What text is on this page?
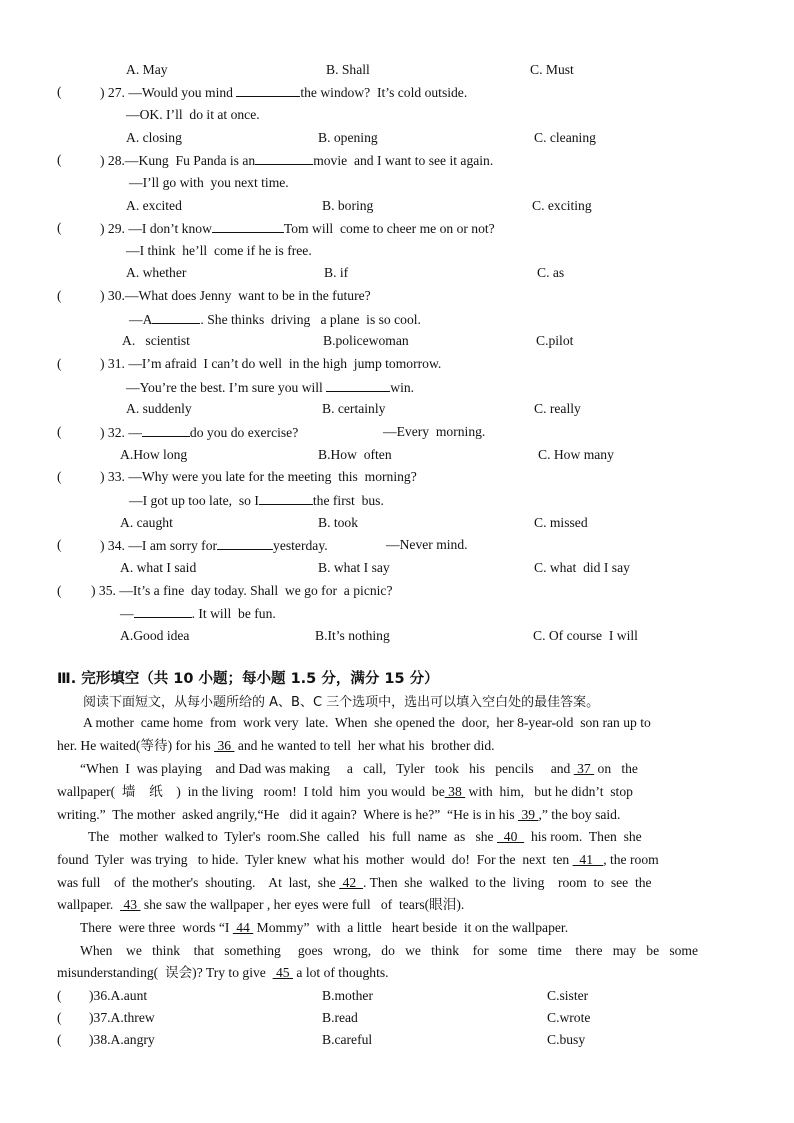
A. May	B. Shall	C. Must
(	) 27. —Would you mind	the window?  It’s cold outside.
—OK. I’ll  do it at once.
A. closing	B. opening	C. cleaning
(	) 28.—Kung  Fu Panda is an	movie  and I want to see it again.
—I’ll go with  you next time.
A. excited	B. boring	C. exciting
(	) 29. —I don’t know	Tom will  come to cheer me on or not?
—I think  he’ll  come if he is free.
A. whether	B. if	C. as
(	) 30.—What does Jenny  want to be in the future?
—A	. She thinks  driving   a plane  is so cool.
A.   scientist	B.policewoman	C.pilot
(	) 31. —I’m afraid  I can’t do well  in the high  jump tomorrow.
—You’re the best. I’m sure you will	win.
A. suddenly	B. certainly	C. really
(	) 32. —	do you do exercise?	—Every  morning.
A.How long	B.How  often	C. How many
(	) 33. —Why were you late for the meeting  this  morning?
—I got up too late,  so I	the first  bus.
A. caught	B. took	C. missed
(	) 34. —I am sorry for	yesterday.	—Never mind.
A. what I said	B. what I say	C. what  did I say
( ) 35. —It’s a fine  day today. Shall  we go for  a picnic?
—	. It will  be fun.
A.Good idea	B.It’s nothing	C. Of course  I will
Ⅲ. 完形填空（共 10 小题；每小题 1.5 分，满分 15 分）
阅读下面短文，从每小题所给的 A、B、C 三个选项中，选出可以填入空白处的最佳答案。
A mother  came home  from  work very  late.  When  she opened the  door,  her 8-year-old  son ran up to
her. He waited(等待) for his  36  and he wanted to tell  her what his  brother did.
“When  I  was playing    and Dad was making     a   call,   Tyler   took   his   pencils     and  37  on   the
wallpaper(  墙    纸    )  in the living   room!  I told  him  you would  be 38  with  him,   but he didn’t  stop
writing.”  The mother  asked angrily,“He   did it again?  Where is he?”  “He is in his  39 ,” the boy said.
The   mother  walked to  Tyler's  room.She  called   his  full  name  as   she   40    his room.  Then  she
found  Tyler  was trying   to hide.  Tyler knew  what his  mother  would  do!  For the  next  ten   41   , the room
was full    of  the mother's  shouting.    At  last,  she  42  . Then  she  walked  to the  living    room  to  see  the
wallpaper.   43  she saw the wallpaper , her eyes were full   of  tears(眼泪).
There  were three  words “I  44  Mommy”  with  a little   heart beside  it on the wallpaper.
When    we   think    that   something     goes   wrong,   do   we   think    for   some   time    there   may   be   some
misunderstanding(  误会)? Try to give   45  a lot of thoughts.
( )36.A.aunt	B.mother	C.sister
( )37.A.threw	B.read	C.wrote
( )38.A.angry	B.careful	C.busy
